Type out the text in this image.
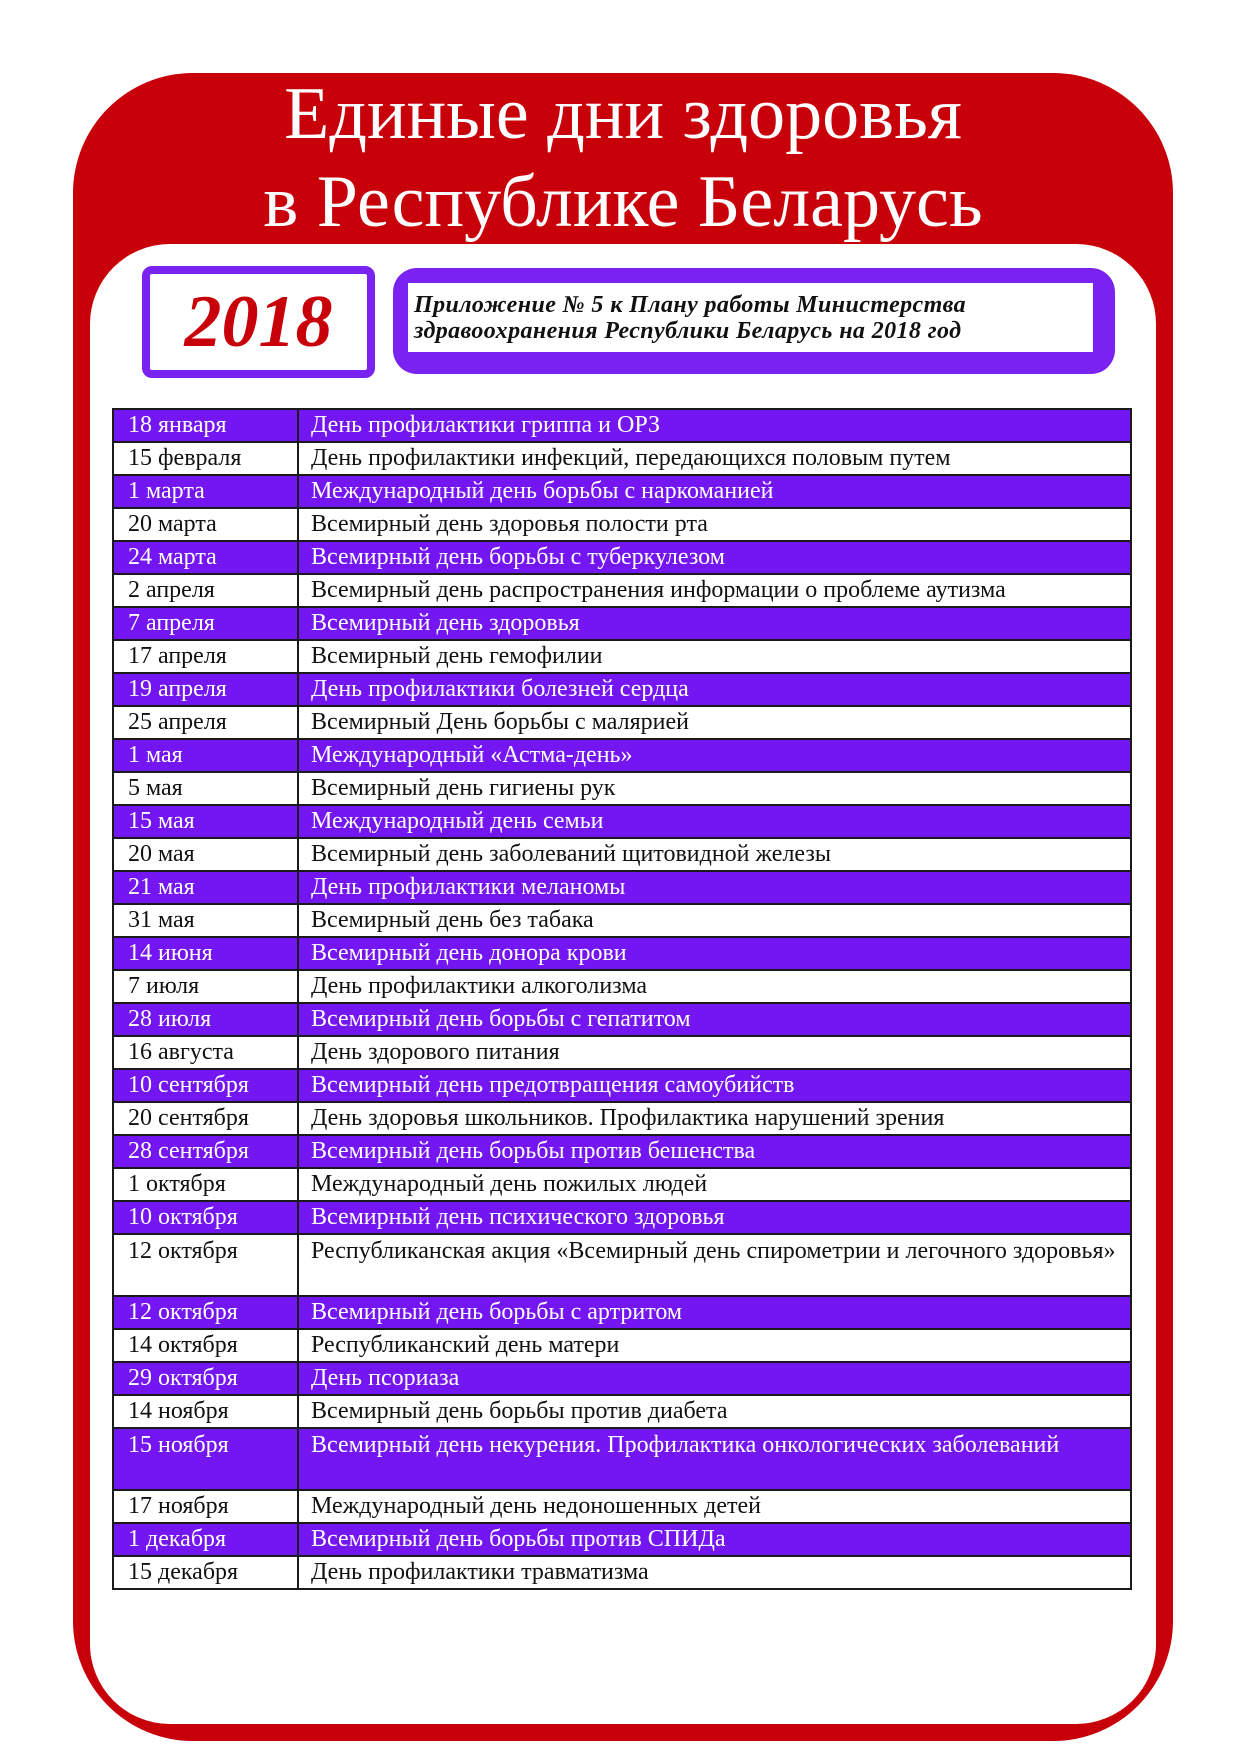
Единые дни здоровья
в Республике Беларусь
2018	Приложение № 5 к Плану работы Министерства
здравоохранения Республики Беларусь на 2018 год
18 января	День профилактики гриппа и ОРЗ
15 февраля	День профилактики инфекций, передающихся половым путем
1 марта	Международный день борьбы с наркоманией
20 марта	Всемирный день здоровья полости рта
24 марта	Всемирный день борьбы с туберкулезом
2 апреля	Всемирный день распространения информации о проблеме аутизма
7 апреля	Всемирный день здоровья
17 апреля	Всемирный день гемофилии
19 апреля	День профилактики болезней сердца
25 апреля	Всемирный День борьбы с малярией
1 мая	Международный «Астма-день»
5 мая	Всемирный день гигиены рук
15 мая	Международный день семьи
20 мая	Всемирный день заболеваний щитовидной железы
21 мая	День профилактики меланомы
31 мая	Всемирный день без табака
14 июня	Всемирный день донора крови
7 июля	День профилактики алкоголизма
28 июля	Всемирный день борьбы с гепатитом
16 августа	День здорового питания
10 сентября	Всемирный день предотвращения самоубийств
20 сентября	День здоровья школьников. Профилактика нарушений зрения
28 сентября	Всемирный день борьбы против бешенства
1 октября	Международный день пожилых людей
10 октября	Всемирный день психического здоровья
12 октября	Республиканская акция «Всемирный день спирометрии и легочного здоровья»
12 октября	Всемирный день борьбы с артритом
14 октября	Республиканский день матери
29 октября	День псориаза
14 ноября	Всемирный день борьбы против диабета
15 ноября	Всемирный день некурения. Профилактика онкологических заболеваний
17 ноября	Международный день недоношенных детей
1 декабря	Всемирный день борьбы против СПИДа
15 декабря	День профилактики травматизма
